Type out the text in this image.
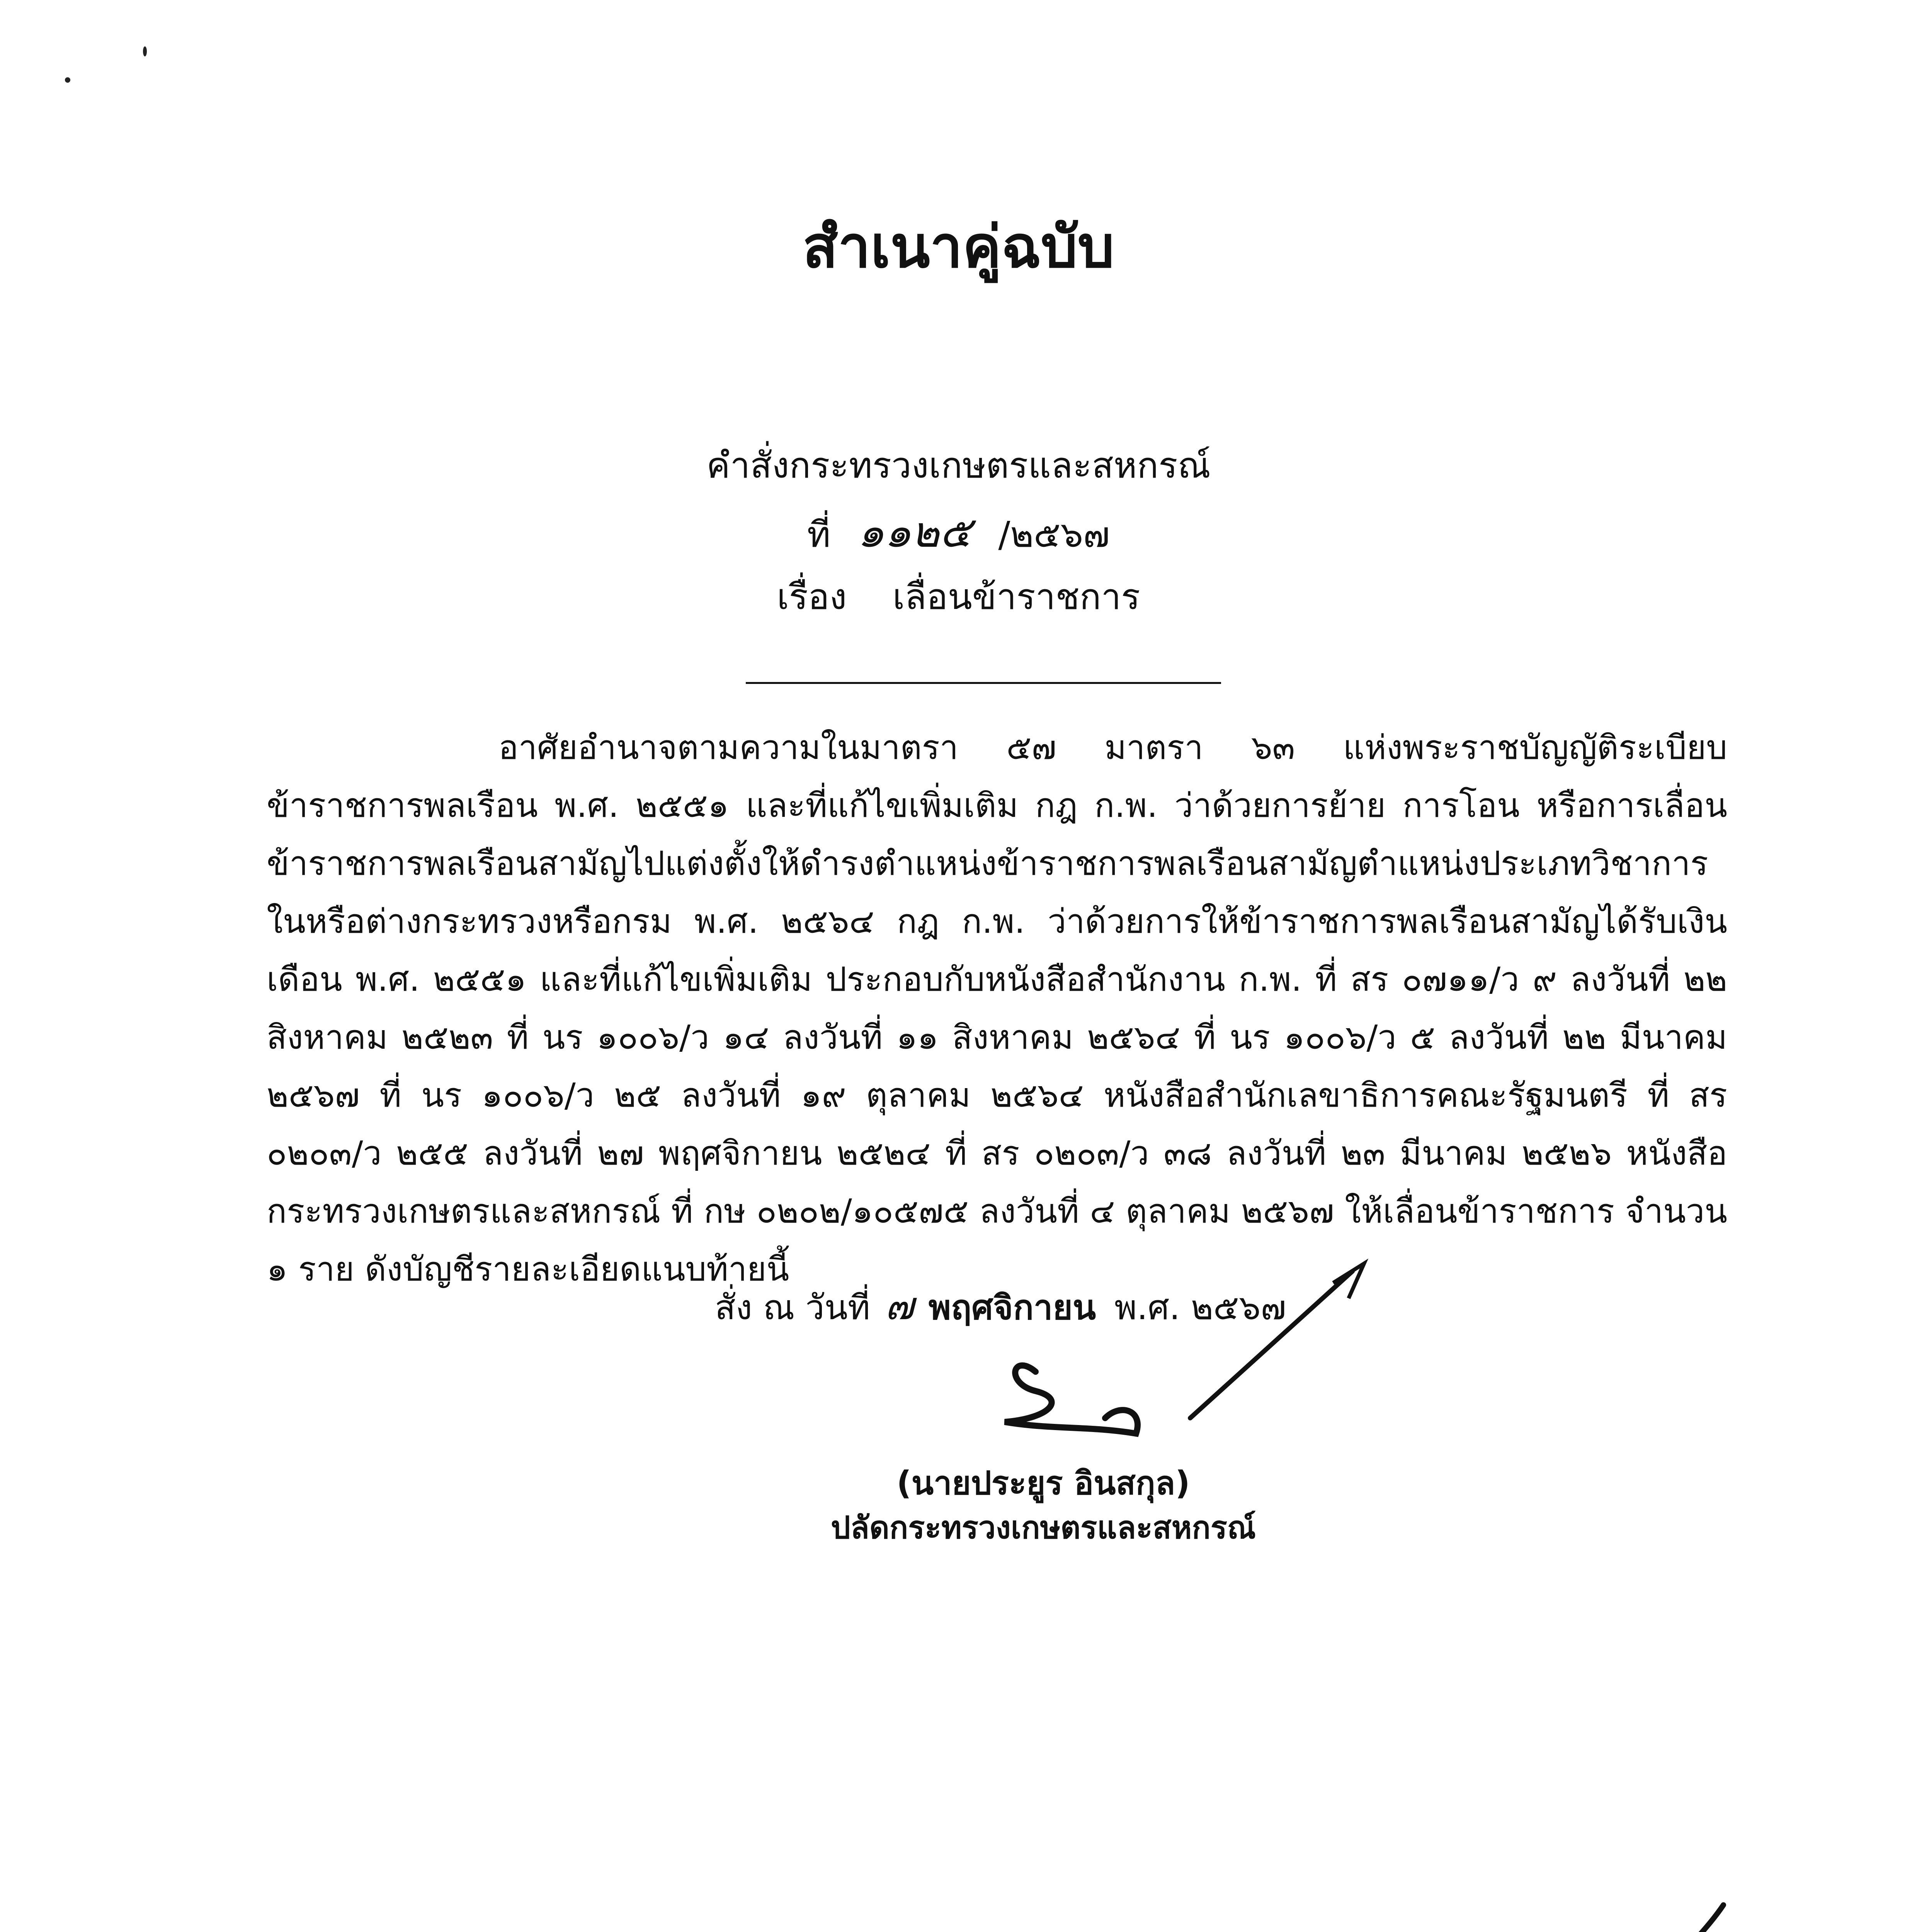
สำเนาคู่ฉบับ
คำสั่งกระทรวงเกษตรและสหกรณ์
ที่ ๑๑๒๕ /๒๕๖๗
เรื่อง เลื่อนข้าราชการ
อาศัยอำนาจตามความในมาตรา ๕๗ มาตรา ๖๓ แห่งพระราชบัญญัติระเบียบข้าราชการพลเรือน พ.ศ. ๒๕๕๑ และที่แก้ไขเพิ่มเติม กฎ ก.พ. ว่าด้วยการย้าย การโอน หรือการเลื่อนข้าราชการพลเรือนสามัญไปแต่งตั้งให้ดำรงตำแหน่งข้าราชการพลเรือนสามัญตำแหน่งประเภทวิชาการในหรือต่างกระทรวงหรือกรม พ.ศ. ๒๕๖๔ กฎ ก.พ. ว่าด้วยการให้ข้าราชการพลเรือนสามัญได้รับเงินเดือน พ.ศ. ๒๕๕๑ และที่แก้ไขเพิ่มเติม ประกอบกับหนังสือสำนักงาน ก.พ. ที่ สร ๐๗๑๑/ว ๙ ลงวันที่ ๒๒ สิงหาคม ๒๕๒๓ ที่ นร ๑๐๐๖/ว ๑๔ ลงวันที่ ๑๑ สิงหาคม ๒๕๖๔ ที่ นร ๑๐๐๖/ว ๕ ลงวันที่ ๒๒ มีนาคม ๒๕๖๗ ที่ นร ๑๐๐๖/ว ๒๕ ลงวันที่ ๑๙ ตุลาคม ๒๕๖๔ หนังสือสำนักเลขาธิการคณะรัฐมนตรี ที่ สร ๐๒๐๓/ว ๒๕๕ ลงวันที่ ๒๗ พฤศจิกายน ๒๕๒๔ ที่ สร ๐๒๐๓/ว ๓๘ ลงวันที่ ๒๓ มีนาคม ๒๕๒๖ หนังสือกระทรวงเกษตรและสหกรณ์ ที่ กษ ๐๒๐๒/๑๐๕๗๕ ลงวันที่ ๔ ตุลาคม ๒๕๖๗ ให้เลื่อนข้าราชการ จำนวน ๑ ราย ดังบัญชีรายละเอียดแนบท้ายนี้
สั่ง ณ วันที่ ๗ พฤศจิกายน พ.ศ. ๒๕๖๗
(นายประยูร อินสกุล)
ปลัดกระทรวงเกษตรและสหกรณ์
